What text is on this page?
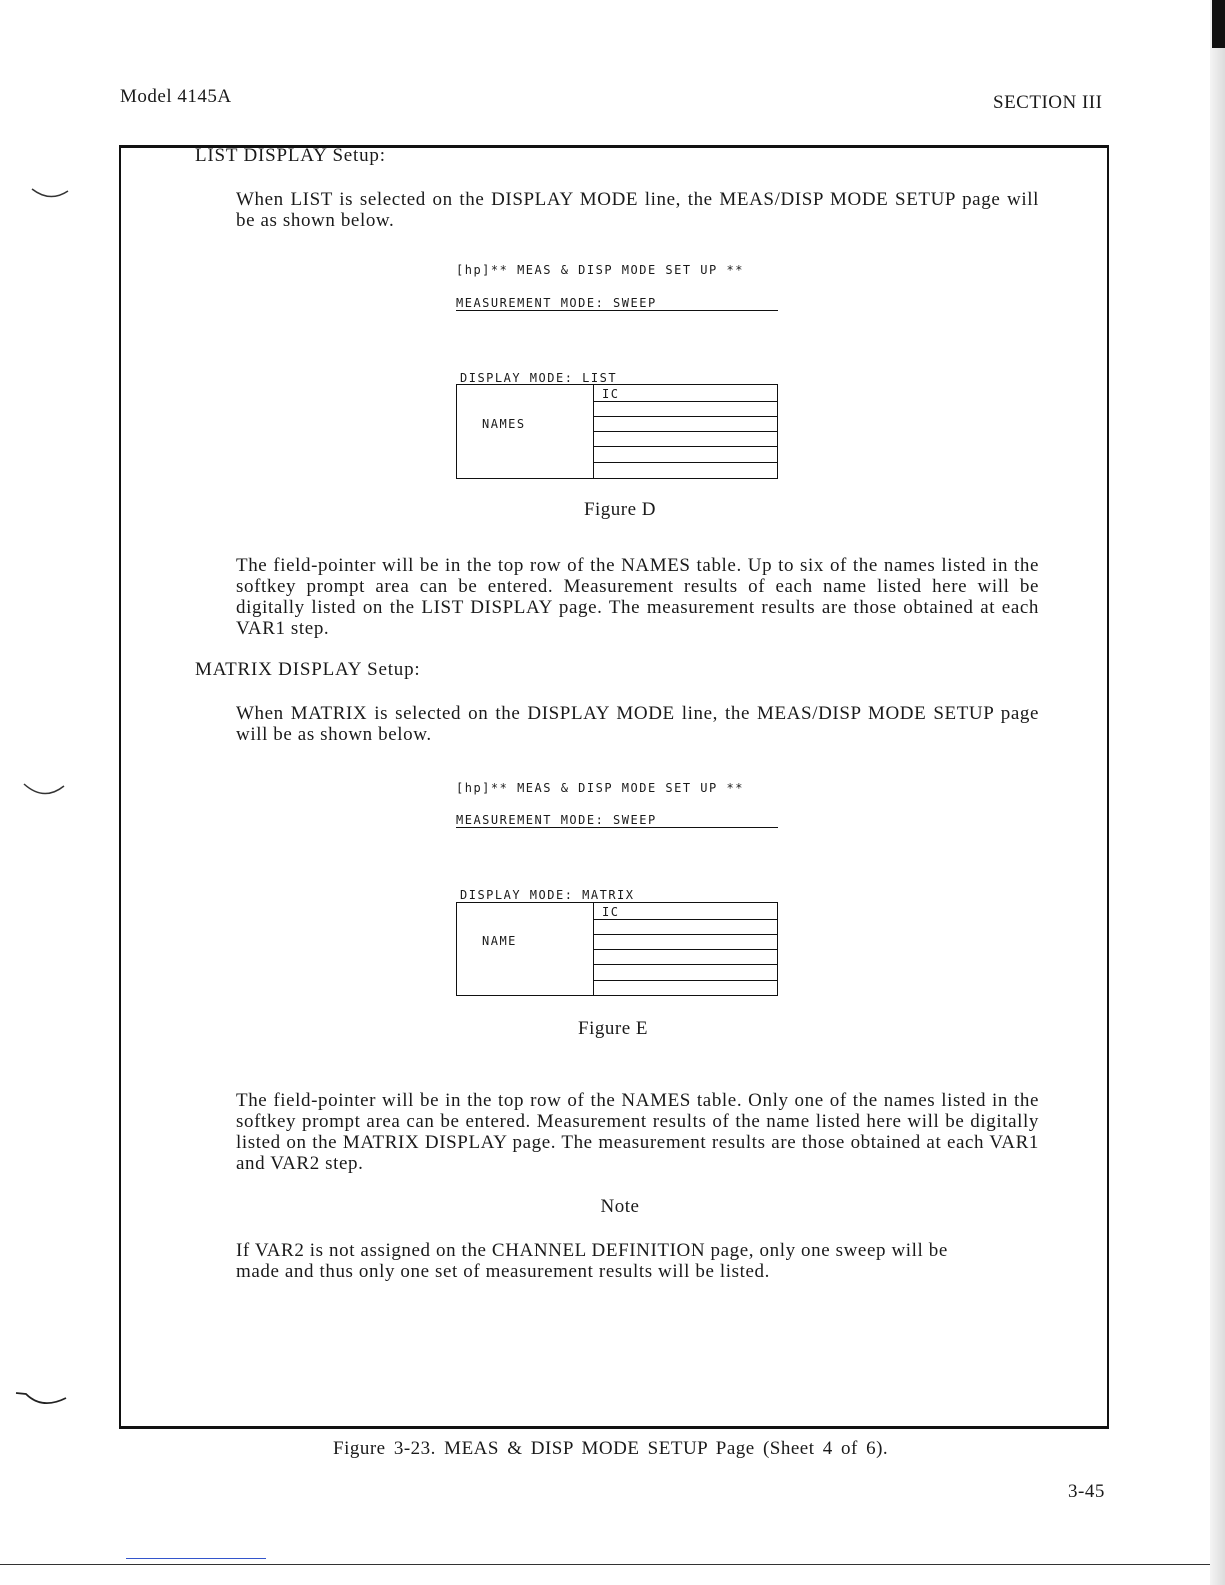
Model 4145A	SECTION III
LIST DISPLAY Setup:
When LIST is selected on the DISPLAY MODE line, the MEAS/DISP MODE SETUP page will be as shown below.
[hp]** MEAS & DISP MODE SET UP **
MEASUREMENT MODE: SWEEP
DISPLAY MODE: LIST
NAMES
IC
Figure D
The field-pointer will be in the top row of the NAMES table. Up to six of the names listed in the softkey prompt area can be entered. Measurement results of each name listed here will be digitally listed on the LIST DISPLAY page. The measurement results are those obtained at each VAR1 step.
MATRIX DISPLAY Setup:
When MATRIX is selected on the DISPLAY MODE line, the MEAS/DISP MODE SETUP page will be as shown below.
[hp]** MEAS & DISP MODE SET UP **
MEASUREMENT MODE: SWEEP
DISPLAY MODE: MATRIX
NAME
IC
Figure E
The field-pointer will be in the top row of the NAMES table. Only one of the names listed in the softkey prompt area can be entered. Measurement results of the name listed here will be digitally listed on the MATRIX DISPLAY page. The measurement results are those obtained at each VAR1 and VAR2 step.
Note
If VAR2 is not assigned on the CHANNEL DEFINITION page, only one sweep will be made and thus only one set of measurement results will be listed.
Figure 3-23. MEAS & DISP MODE SETUP Page (Sheet 4 of 6).
3-45
